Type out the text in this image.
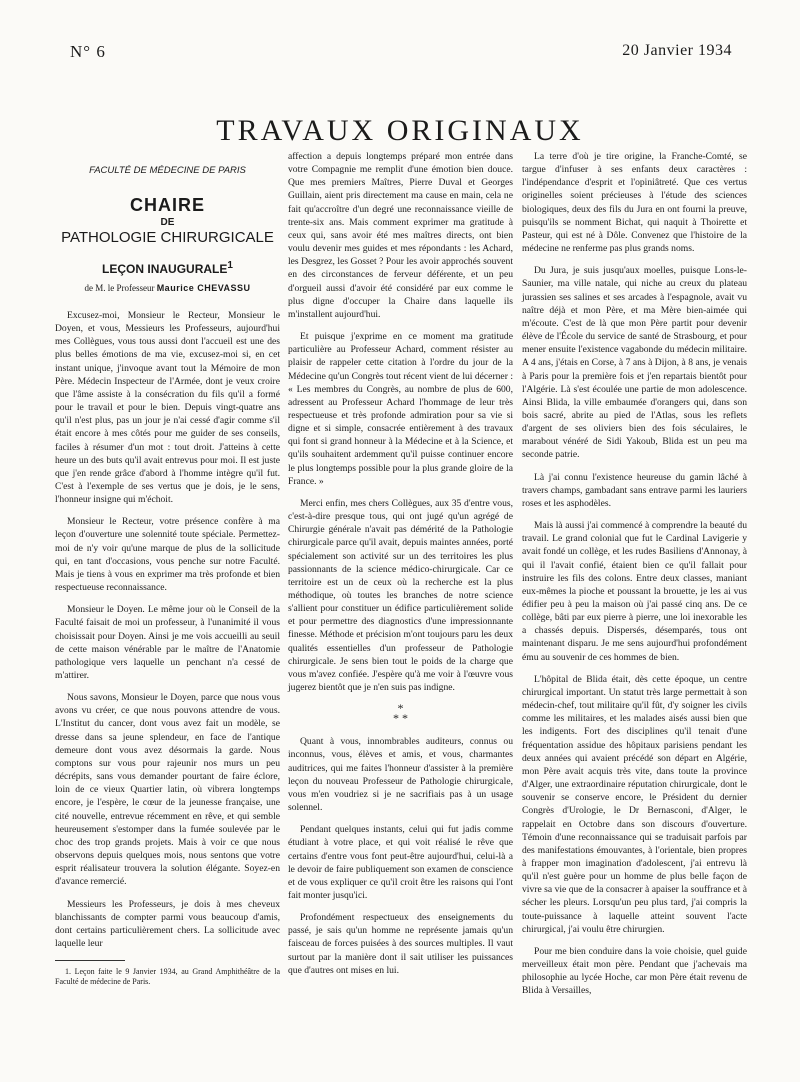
N° 6	20 Janvier 1934
TRAVAUX ORIGINAUX
FACULTÉ DE MÉDECINE DE PARIS
CHAIRE
DE
PATHOLOGIE CHIRURGICALE
LEÇON INAUGURALE$^1$
de M. le Professeur Maurice CHEVASSU

Excusez-moi, Monsieur le Recteur, Monsieur le Doyen, et vous, Messieurs les Professeurs, aujourd'hui mes Collègues, vous tous aussi dont l'accueil est une des plus belles émotions de ma vie, excusez-moi si, en cet instant unique, j'invoque avant tout la Mémoire de mon Père. Médecin Inspecteur de l'Armée, dont je veux croire que l'âme assiste à la consécration du fils qu'il a formé pour le travail et pour le bien. Depuis vingt-quatre ans qu'il n'est plus, pas un jour je n'ai cessé d'agir comme s'il était encore à mes côtés pour me guider de ses conseils, faciles à résumer d'un mot : tout droit. J'atteins à cette heure un des buts qu'il avait entrevus pour moi. Il est juste que j'en rende grâce d'abord à l'homme intègre qu'il fut. C'est à l'exemple de ses vertus que je dois, je le sens, l'honneur insigne qui m'échoit.

Monsieur le Recteur, votre présence confère à ma leçon d'ouverture une solennité toute spéciale. Permettez-moi de n'y voir qu'une marque de plus de la sollicitude qui, en tant d'occasions, vous penche sur notre Faculté. Mais je tiens à vous en exprimer ma très profonde et bien respectueuse reconnaissance.

Monsieur le Doyen. Le même jour où le Conseil de la Faculté faisait de moi un professeur, à l'unanimité il vous choisissait pour Doyen. Ainsi je me vois accueilli au seuil de cette maison vénérable par le maître de l'Anatomie pathologique vers laquelle un penchant n'a cessé de m'attirer.

Nous savons, Monsieur le Doyen, parce que nous vous avons vu créer, ce que nous pouvons attendre de vous. L'Institut du cancer, dont vous avez fait un modèle, se dresse dans sa jeune splendeur, en face de l'antique demeure dont vous avez désormais la garde. Nous comptons sur vous pour rajeunir nos murs un peu décrépits, sans vous demander pourtant de faire éclore, loin de ce vieux Quartier latin, où vibrera longtemps encore, je l'espère, le cœur de la jeunesse française, une cité nouvelle, entrevue récemment en rêve, et qui semble heureusement s'estomper dans la fumée soulevée par le choc des trop grands projets. Mais à voir ce que nous observons depuis quelques mois, nous sentons que votre esprit réalisateur trouvera la solution élégante. Soyez-en d'avance remercié.

Messieurs les Professeurs, je dois à mes cheveux blanchissants de compter parmi vous beaucoup d'amis, dont certains particulièrement chers. La sollicitude avec laquelle leur

1. Leçon faite le 9 Janvier 1934, au Grand Amphithéâtre de la Faculté de médecine de Paris.

affection a depuis longtemps préparé mon entrée dans votre Compagnie me remplit d'une émotion bien douce. Que mes premiers Maîtres, Pierre Duval et Georges Guillain, aient pris directement ma cause en main, cela ne fait qu'accroître d'un degré une reconnaissance vieille de trente-six ans. Mais comment exprimer ma gratitude à ceux qui, sans avoir été mes maîtres directs, ont bien voulu devenir mes guides et mes répondants : les Achard, les Desgrez, les Gosset ? Pour les avoir approchés souvent en des circonstances de ferveur déférente, et un peu d'orgueil aussi d'avoir été considéré par eux comme le plus digne d'occuper la Chaire dans laquelle ils m'installent aujourd'hui.

Et puisque j'exprime en ce moment ma gratitude particulière au Professeur Achard, comment résister au plaisir de rappeler cette citation à l'ordre du jour de la Médecine qu'un Congrès tout récent vient de lui décerner : « Les membres du Congrès, au nombre de plus de 600, adressent au Professeur Achard l'hommage de leur très respectueuse et très profonde admiration pour sa vie si digne et si simple, consacrée entièrement à des travaux qui font si grand honneur à la Médecine et à la Science, et qu'ils souhaitent ardemment qu'il puisse continuer encore le plus longtemps possible pour la plus grande gloire de la France. »

Merci enfin, mes chers Collègues, aux 35 d'entre vous, c'est-à-dire presque tous, qui ont jugé qu'un agrégé de Chirurgie générale n'avait pas démérité de la Pathologie chirurgicale parce qu'il avait, depuis maintes années, porté spécialement son activité sur un des territoires les plus passionnants de la science médico-chirurgicale. Car ce territoire est un de ceux où la recherche est la plus méthodique, où toutes les branches de notre science s'allient pour constituer un édifice particulièrement solide et pour permettre des diagnostics d'une impressionnante finesse. Méthode et précision m'ont toujours paru les deux qualités essentielles d'un professeur de Pathologie chirurgicale. Je sens bien tout le poids de la charge que vous m'avez confiée. J'espère qu'à me voir à l'œuvre vous jugerez bientôt que je n'en suis pas indigne.

*
* *

Quant à vous, innombrables auditeurs, connus ou inconnus, vous, élèves et amis, et vous, charmantes auditrices, qui me faites l'honneur d'assister à la première leçon du nouveau Professeur de Pathologie chirurgicale, vous m'en voudriez si je ne sacrifiais pas à un usage solennel.

Pendant quelques instants, celui qui fut jadis comme étudiant à votre place, et qui voit réalisé le rêve que certains d'entre vous font peut-être aujourd'hui, celui-là a le devoir de faire publiquement son examen de conscience et de vous expliquer ce qu'il croit être les raisons qui l'ont fait monter jusqu'ici.

Profondément respectueux des enseignements du passé, je sais qu'un homme ne représente jamais qu'un faisceau de forces puisées à des sources multiples. Il vaut surtout par la manière dont il sait utiliser les puissances que d'autres ont mises en lui.

La terre d'où je tire origine, la Franche-Comté, se targue d'infuser à ses enfants deux caractères : l'indépendance d'esprit et l'opiniâtreté. Que ces vertus originelles soient précieuses à l'étude des sciences biologiques, deux des fils du Jura en ont fourni la preuve, puisqu'ils se nomment Bichat, qui naquit à Thoirette et Pasteur, qui est né à Dôle. Convenez que l'histoire de la médecine ne renferme pas plus grands noms.

Du Jura, je suis jusqu'aux moelles, puisque Lons-le-Saunier, ma ville natale, qui niche au creux du plateau jurassien ses salines et ses arcades à l'espagnole, avait vu naître déjà et mon Père, et ma Mère bien-aimée qui m'écoute. C'est de là que mon Père partit pour devenir élève de l'École du service de santé de Strasbourg, et pour mener ensuite l'existence vagabonde du médecin militaire. A 4 ans, j'étais en Corse, à 7 ans à Dijon, à 8 ans, je venais à Paris pour la première fois et j'en repartais bientôt pour l'Algérie. Là s'est écoulée une partie de mon adolescence. Ainsi Blida, la ville embaumée d'orangers qui, dans son bois sacré, abrite au pied de l'Atlas, sous les reflets d'argent de ses oliviers bien des fois séculaires, le marabout vénéré de Sidi Yakoub, Blida est un peu ma seconde patrie.

Là j'ai connu l'existence heureuse du gamin lâché à travers champs, gambadant sans entrave parmi les lauriers roses et les asphodèles.

Mais là aussi j'ai commencé à comprendre la beauté du travail. Le grand colonial que fut le Cardinal Lavigerie y avait fondé un collège, et les rudes Basiliens d'Annonay, à qui il l'avait confié, étaient bien ce qu'il fallait pour instruire les fils des colons. Entre deux classes, maniant eux-mêmes la pioche et poussant la brouette, je les ai vus édifier peu à peu la maison où j'ai passé cinq ans. De ce collège, bâti par eux pierre à pierre, une loi inexorable les a chassés depuis. Dispersés, désemparés, tous ont maintenant disparu. Je me sens aujourd'hui profondément ému au souvenir de ces hommes de bien.

L'hôpital de Blida était, dès cette époque, un centre chirurgical important. Un statut très large permettait à son médecin-chef, tout militaire qu'il fût, d'y soigner les civils comme les militaires, et les malades aisés aussi bien que les indigents. Fort des disciplines qu'il tenait d'une fréquentation assidue des hôpitaux parisiens pendant les deux années qui avaient précédé son départ en Algérie, mon Père avait acquis très vite, dans toute la province d'Alger, une extraordinaire réputation chirurgicale, dont le souvenir se conserve encore, le Président du dernier Congrès d'Urologie, le Dr Bernasconi, d'Alger, le rappelait en Octobre dans son discours d'ouverture. Témoin d'une reconnaissance qui se traduisait parfois par des manifestations émouvantes, à l'orientale, bien propres à frapper mon imagination d'adolescent, j'ai entrevu là qu'il n'est guère pour un homme de plus belle façon de vivre sa vie que de la consacrer à apaiser la souffrance et à sécher les pleurs. Lorsqu'un peu plus tard, j'ai compris la toute-puissance à laquelle atteint souvent l'acte chirurgical, j'ai voulu être chirurgien.

Pour me bien conduire dans la voie choisie, quel guide merveilleux était mon père. Pendant que j'achevais ma philosophie au lycée Hoche, car mon Père était revenu de Blida à Versailles,
